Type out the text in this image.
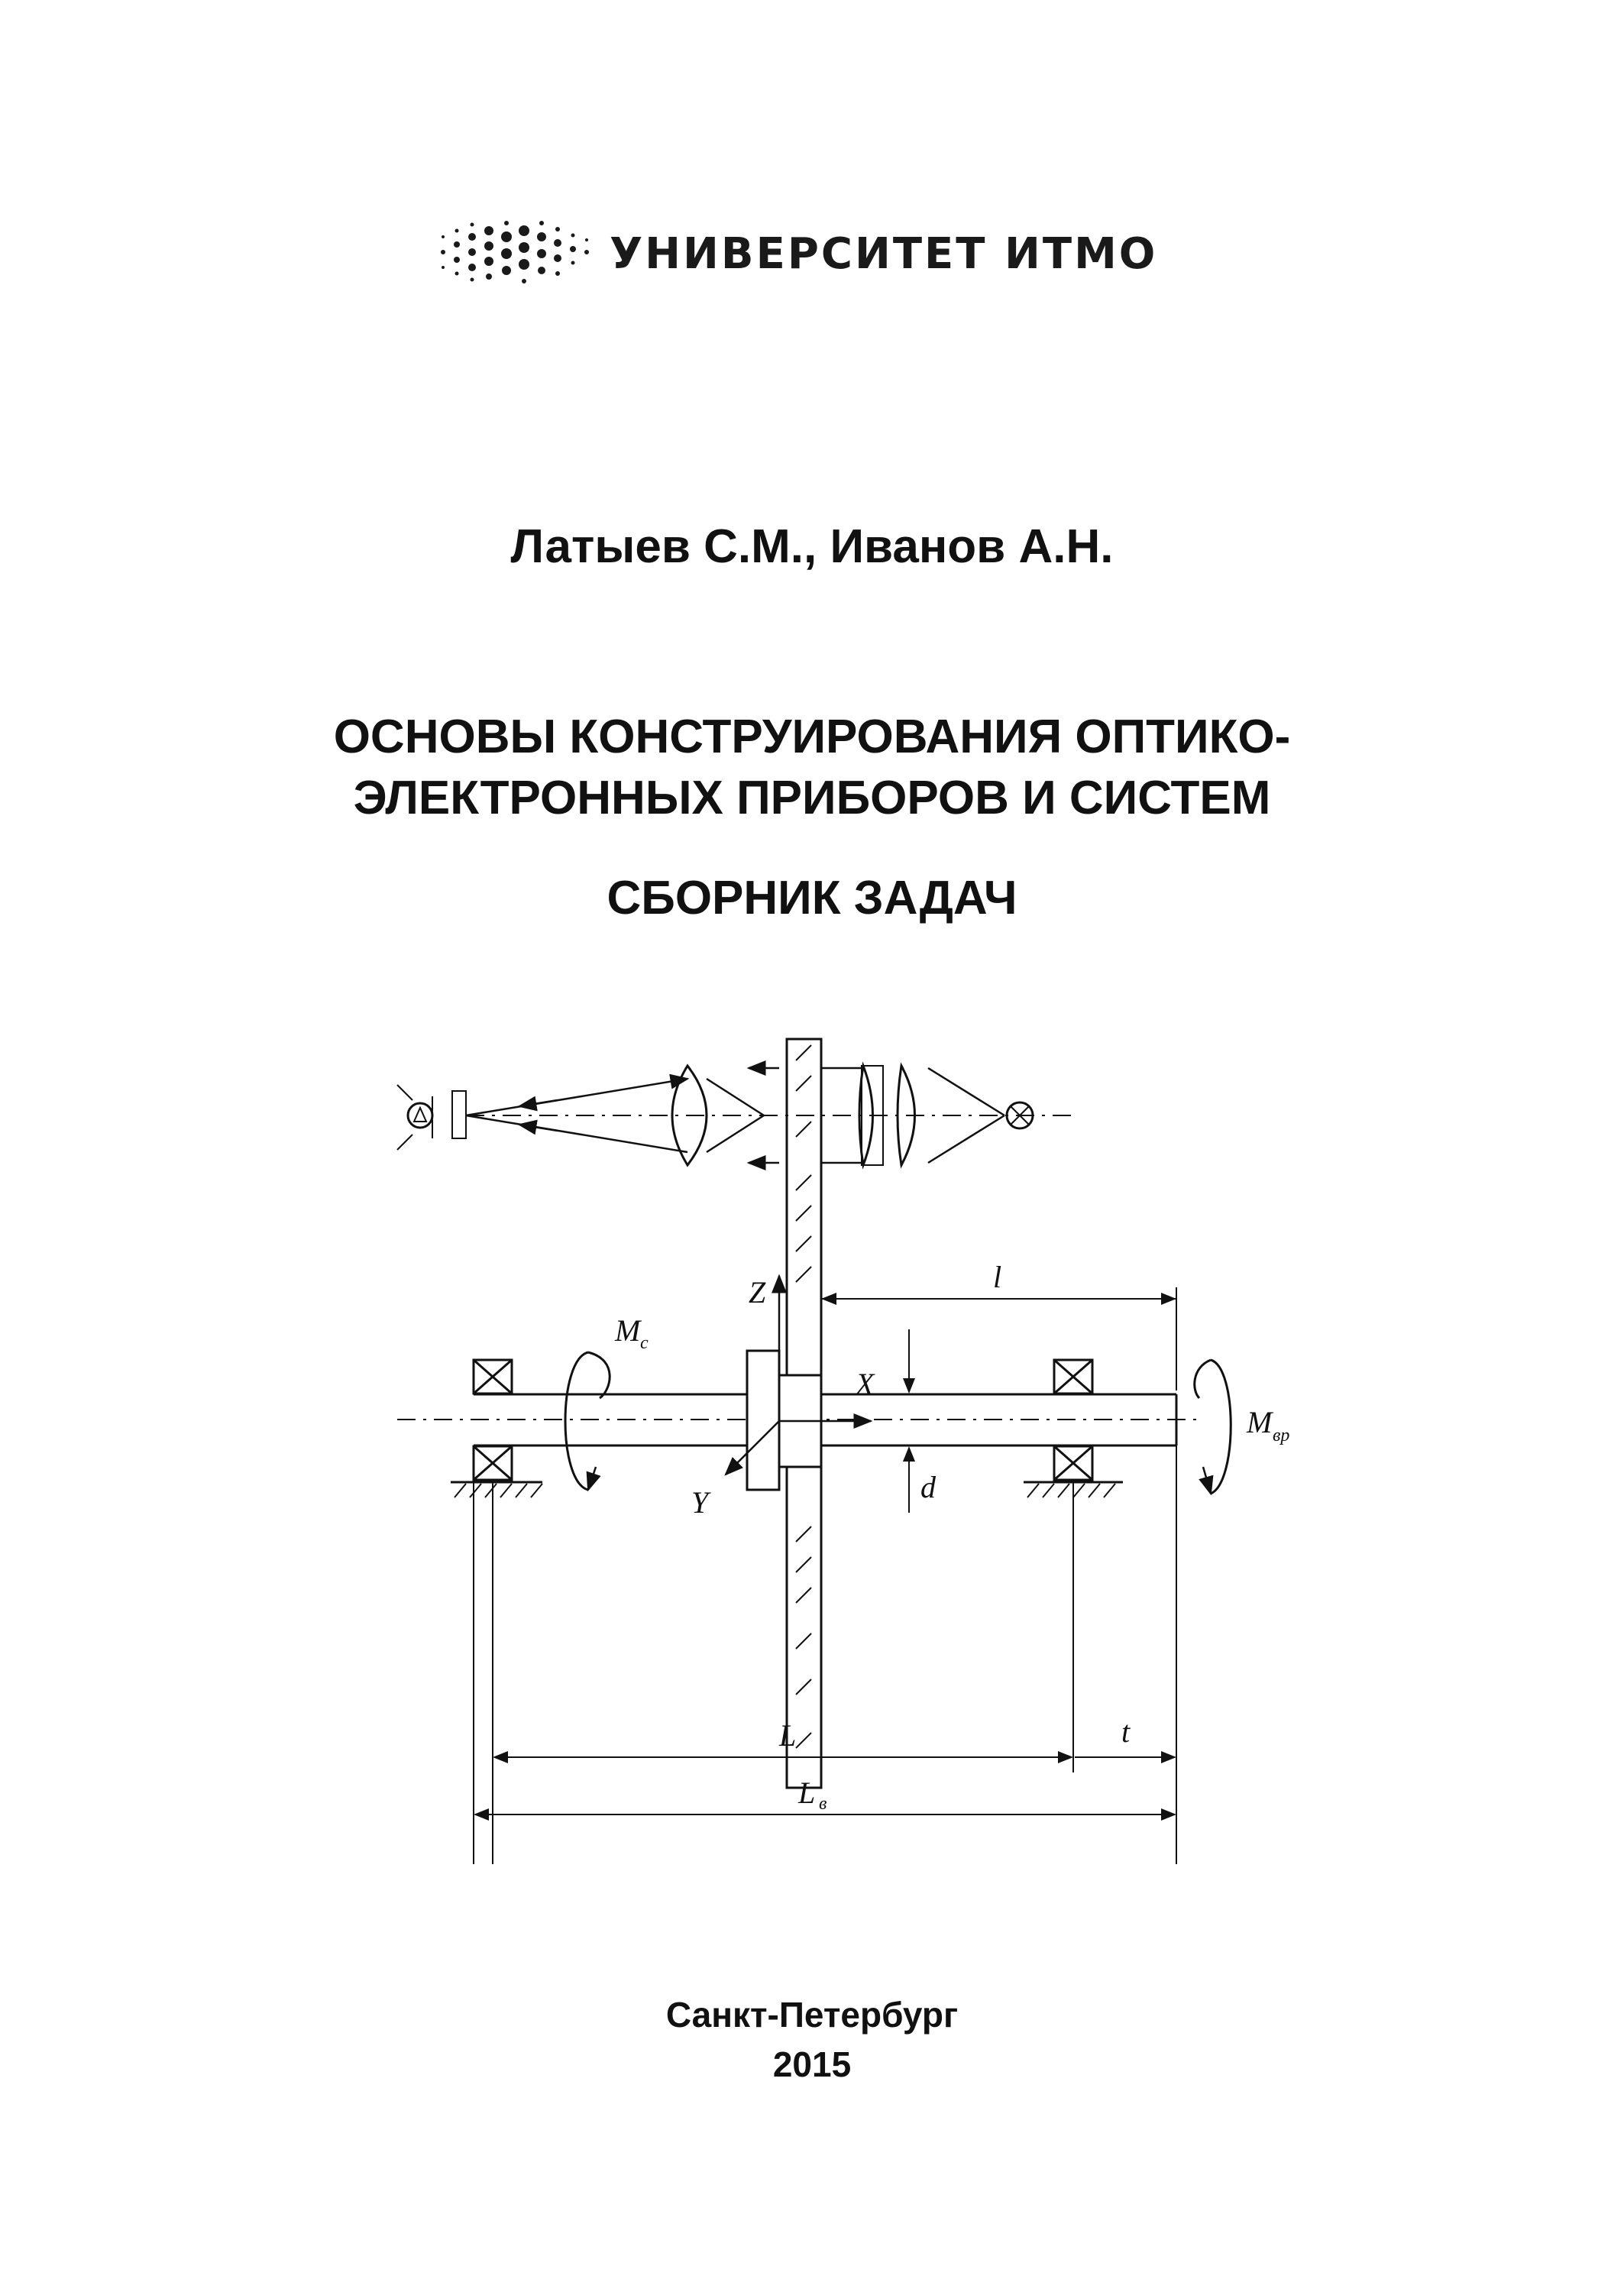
УНИВЕРСИТЕТ ИТМО
Латыев С.М., Иванов А.Н.
ОСНОВЫ КОНСТРУИРОВАНИЯ ОПТИКО-
ЭЛЕКТРОННЫХ ПРИБОРОВ И СИСТЕМ
СБОРНИК ЗАДАЧ
Z	l
X
Y	d
M c
M вр
L	t
L в
Санкт-Петербург
2015
